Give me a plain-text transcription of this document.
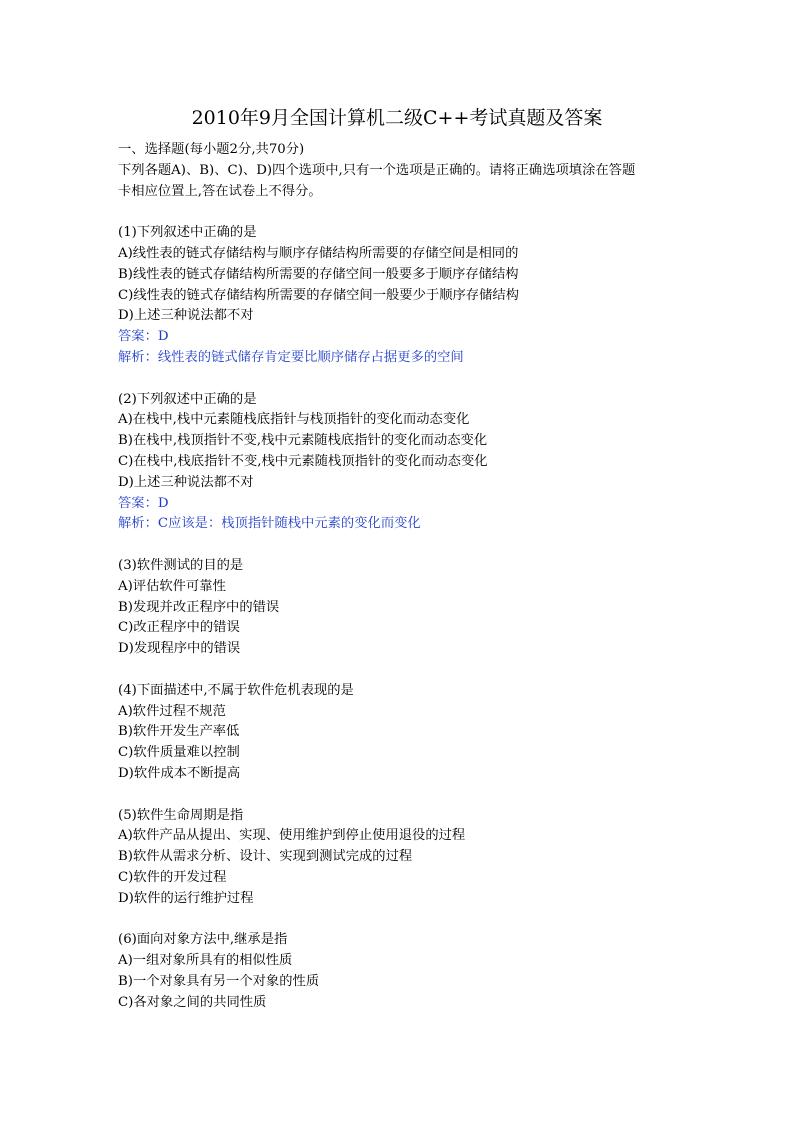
2010年9月全国计算机二级C++考试真题及答案
一、选择题(每小题2分,共70分)
下列各题A)、B)、C)、D)四个选项中,只有一个选项是正确的。请将正确选项填涂在答题
卡相应位置上,答在试卷上不得分。
(1)下列叙述中正确的是
A)线性表的链式存储结构与顺序存储结构所需要的存储空间是相同的
B)线性表的链式存储结构所需要的存储空间一般要多于顺序存储结构
C)线性表的链式存储结构所需要的存储空间一般要少于顺序存储结构
D)上述三种说法都不对
答案：D
解析：线性表的链式储存肯定要比顺序储存占据更多的空间
(2)下列叙述中正确的是
A)在栈中,栈中元素随栈底指针与栈顶指针的变化而动态变化
B)在栈中,栈顶指针不变,栈中元素随栈底指针的变化而动态变化
C)在栈中,栈底指针不变,栈中元素随栈顶指针的变化而动态变化
D)上述三种说法都不对
答案：D
解析：C应该是：栈顶指针随栈中元素的变化而变化
(3)软件测试的目的是
A)评估软件可靠性
B)发现并改正程序中的错误
C)改正程序中的错误
D)发现程序中的错误
(4)下面描述中,不属于软件危机表现的是
A)软件过程不规范
B)软件开发生产率低
C)软件质量难以控制
D)软件成本不断提高
(5)软件生命周期是指
A)软件产品从提出、实现、使用维护到停止使用退役的过程
B)软件从需求分析、设计、实现到测试完成的过程
C)软件的开发过程
D)软件的运行维护过程
(6)面向对象方法中,继承是指
A)一组对象所具有的相似性质
B)一个对象具有另一个对象的性质
C)各对象之间的共同性质
